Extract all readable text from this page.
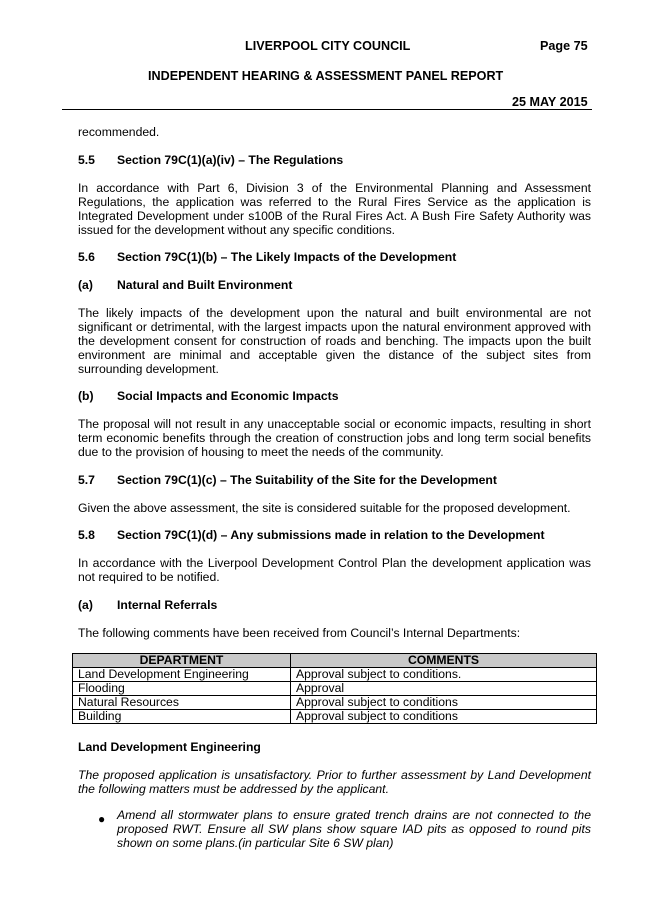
LIVERPOOL CITY COUNCIL	Page 75
INDEPENDENT HEARING & ASSESSMENT PANEL REPORT
25 MAY 2015

recommended.

5.5 Section 79C(1)(a)(iv) – The Regulations

In accordance with Part 6, Division 3 of the Environmental Planning and Assessment Regulations, the application was referred to the Rural Fires Service as the application is Integrated Development under s100B of the Rural Fires Act. A Bush Fire Safety Authority was issued for the development without any specific conditions.

5.6 Section 79C(1)(b) – The Likely Impacts of the Development
(a) Natural and Built Environment

The likely impacts of the development upon the natural and built environmental are not significant or detrimental, with the largest impacts upon the natural environment approved with the development consent for construction of roads and benching. The impacts upon the built environment are minimal and acceptable given the distance of the subject sites from surrounding development.

(b) Social Impacts and Economic Impacts

The proposal will not result in any unacceptable social or economic impacts, resulting in short term economic benefits through the creation of construction jobs and long term social benefits due to the provision of housing to meet the needs of the community.

5.7 Section 79C(1)(c) – The Suitability of the Site for the Development

Given the above assessment, the site is considered suitable for the proposed development.

5.8 Section 79C(1)(d) – Any submissions made in relation to the Development

In accordance with the Liverpool Development Control Plan the development application was not required to be notified.

(a) Internal Referrals

The following comments have been received from Council’s Internal Departments:

DEPARTMENT	COMMENTS
Land Development Engineering	Approval subject to conditions.
Flooding	Approval
Natural Resources	Approval subject to conditions
Building	Approval subject to conditions
Land Development Engineering

The proposed application is unsatisfactory. Prior to further assessment by Land Development the following matters must be addressed by the applicant.

● Amend all stormwater plans to ensure grated trench drains are not connected to the proposed RWT. Ensure all SW plans show square IAD pits as opposed to round pits shown on some plans.(in particular Site 6 SW plan)
